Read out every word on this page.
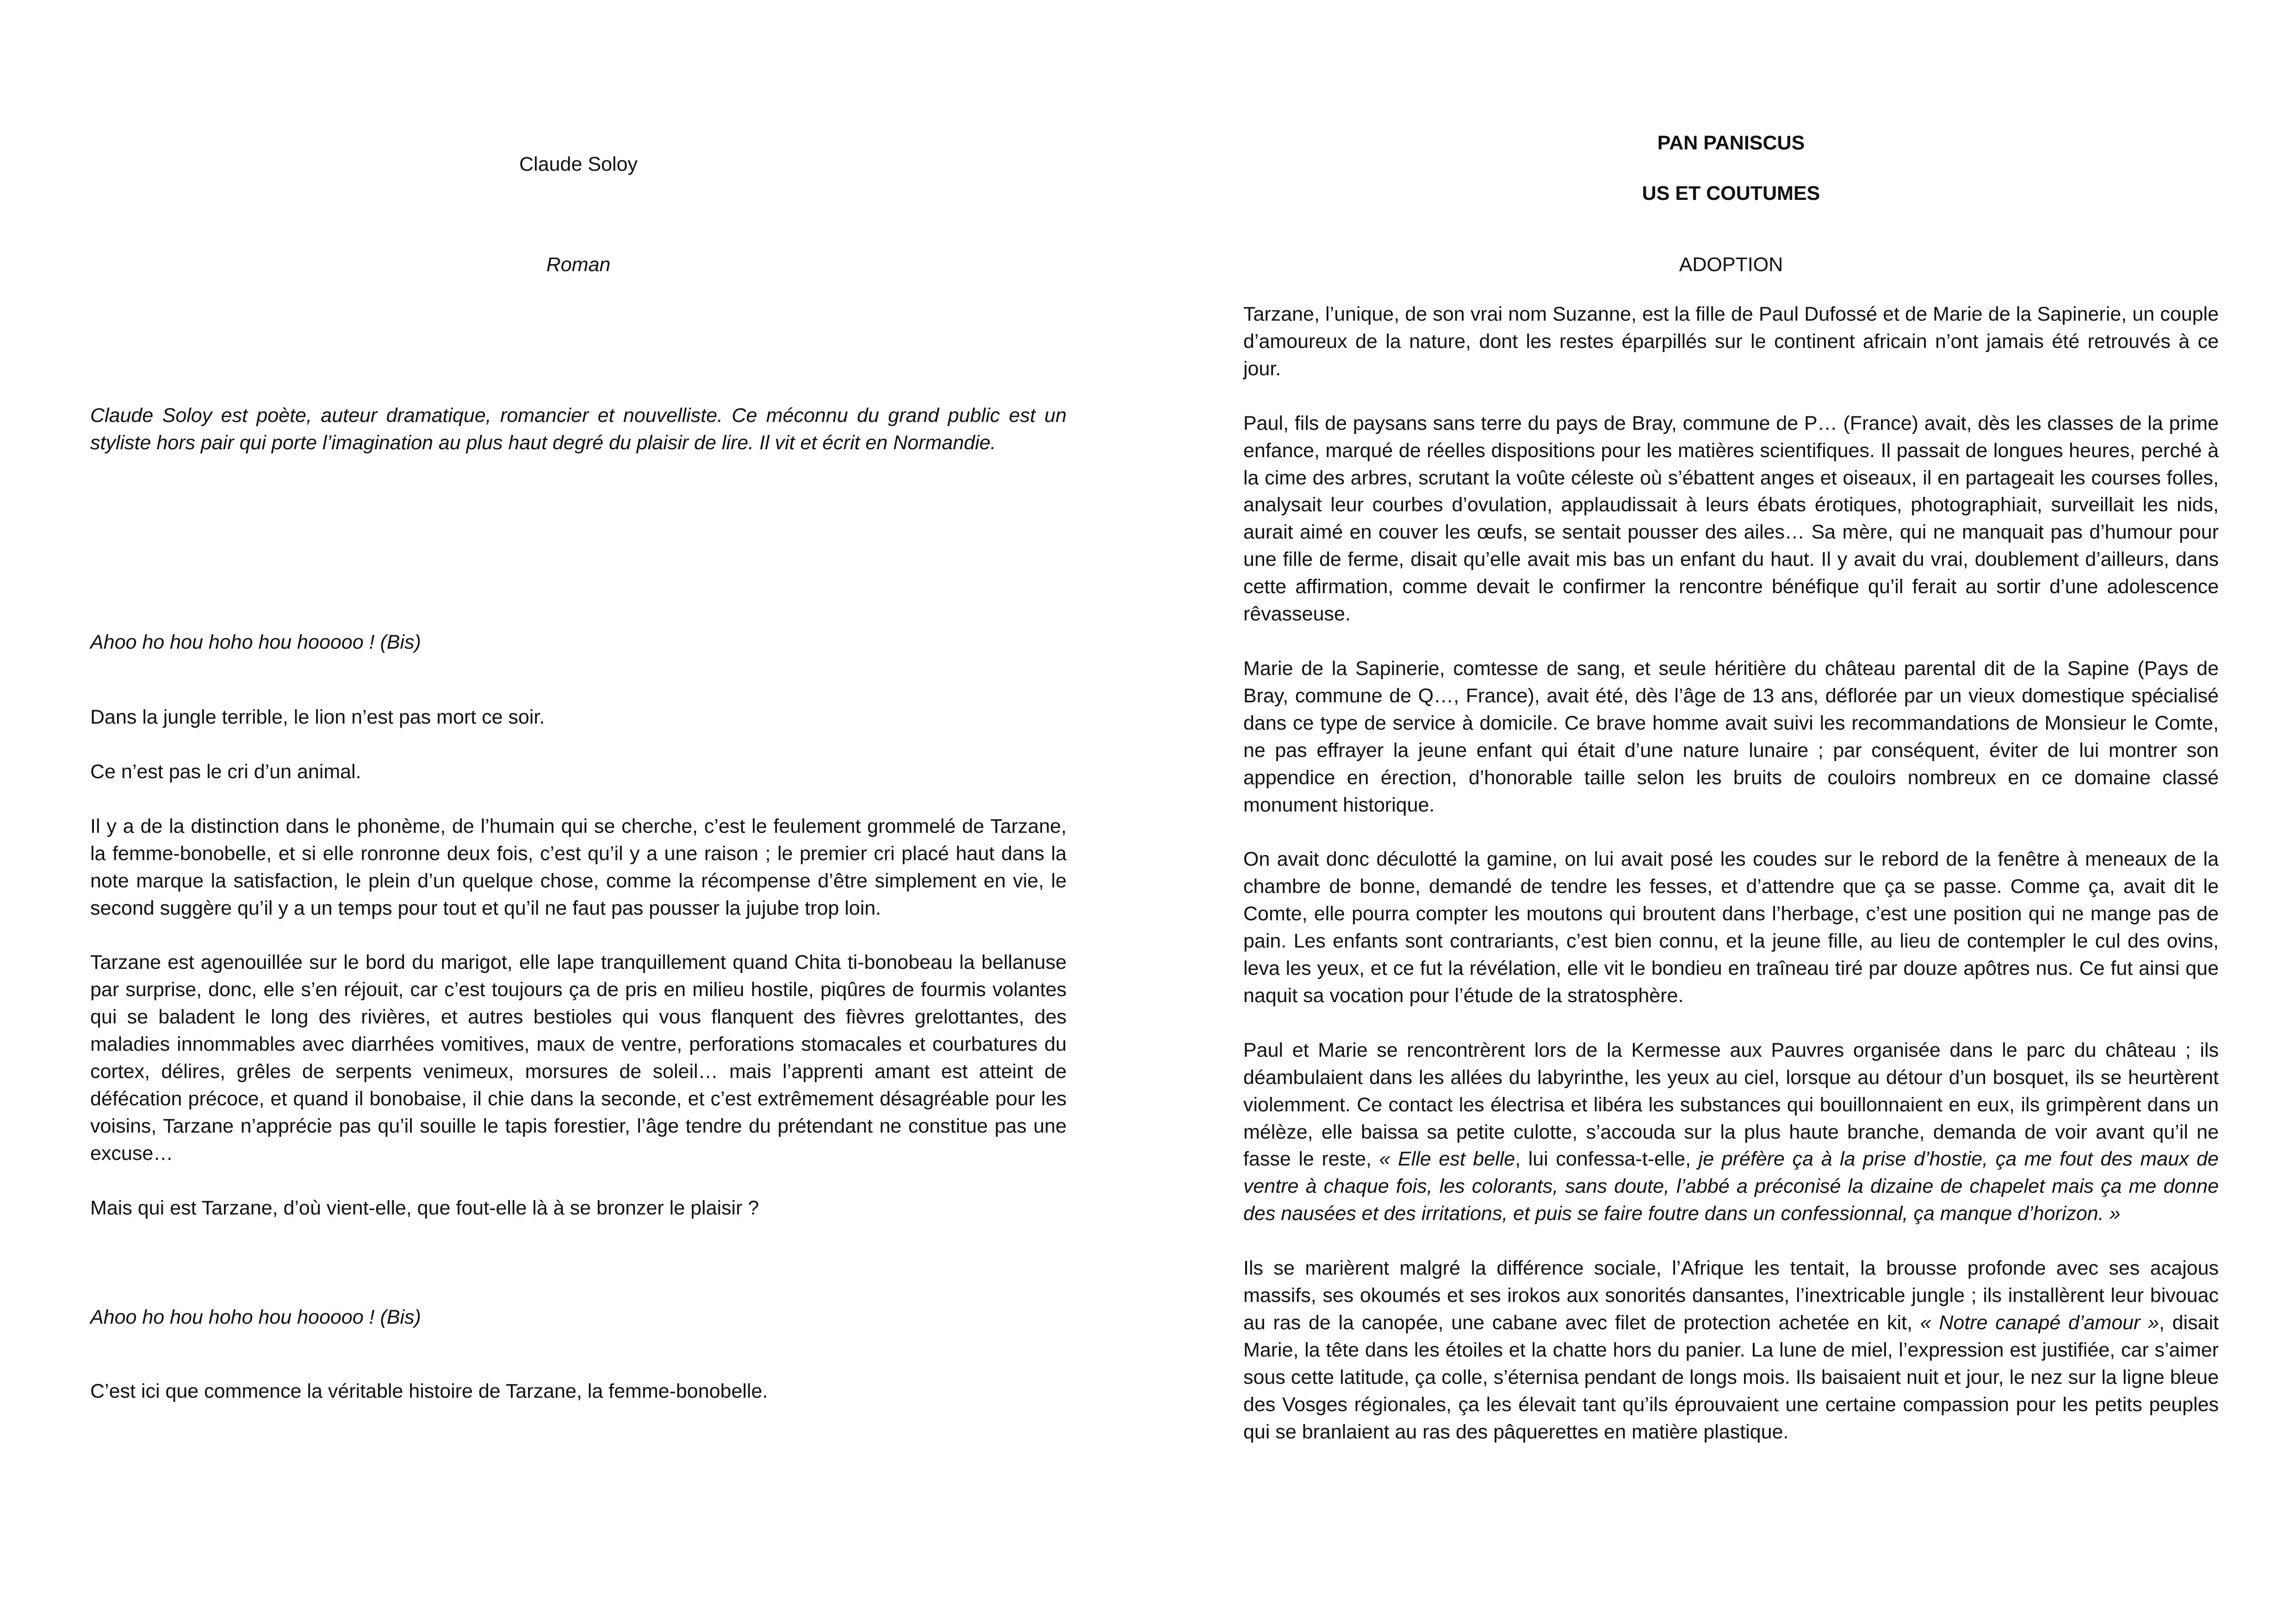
Claude Soloy

Roman

Claude Soloy est poète, auteur dramatique, romancier et nouvelliste. Ce méconnu du grand public est un styliste hors pair qui porte l’imagination au plus haut degré du plaisir de lire. Il vit et écrit en Normandie.

Ahoo ho hou hoho hou hooooo ! (Bis)

Dans la jungle terrible, le lion n’est pas mort ce soir.

Ce n’est pas le cri d’un animal.

Il y a de la distinction dans le phonème, de l’humain qui se cherche, c’est le feulement grommelé de Tarzane, la femme-bonobelle, et si elle ronronne deux fois, c’est qu’il y a une raison ; le premier cri placé haut dans la note marque la satisfaction, le plein d’un quelque chose, comme la récompense d’être simplement en vie, le second suggère qu’il y a un temps pour tout et qu’il ne faut pas pousser la jujube trop loin.

Tarzane est agenouillée sur le bord du marigot, elle lape tranquillement quand Chita ti-bonobeau la bellanuse par surprise, donc, elle s’en réjouit, car c’est toujours ça de pris en milieu hostile, piqûres de fourmis volantes qui se baladent le long des rivières, et autres bestioles qui vous flanquent des fièvres grelottantes, des maladies innommables avec diarrhées vomitives, maux de ventre, perforations stomacales et courbatures du cortex, délires, grêles de serpents venimeux, morsures de soleil… mais l’apprenti amant est atteint de défécation précoce, et quand il bonobaise, il chie dans la seconde, et c’est extrêmement désagréable pour les voisins, Tarzane n’apprécie pas qu’il souille le tapis forestier, l’âge tendre du prétendant ne constitue pas une excuse…

Mais qui est Tarzane, d’où vient-elle, que fout-elle là à se bronzer le plaisir ?

Ahoo ho hou hoho hou hooooo ! (Bis)

C’est ici que commence la véritable histoire de Tarzane, la femme-bonobelle.

PAN PANISCUS

US ET COUTUMES

ADOPTION

Tarzane, l’unique, de son vrai nom Suzanne, est la fille de Paul Dufossé et de Marie de la Sapinerie, un couple d’amoureux de la nature, dont les restes éparpillés sur le continent africain n’ont jamais été retrouvés à ce jour.

Paul, fils de paysans sans terre du pays de Bray, commune de P… (France) avait, dès les classes de la prime enfance, marqué de réelles dispositions pour les matières scientifiques. Il passait de longues heures, perché à la cime des arbres, scrutant la voûte céleste où s’ébattent anges et oiseaux, il en partageait les courses folles, analysait leur courbes d’ovulation, applaudissait à leurs ébats érotiques, photographiait, surveillait les nids, aurait aimé en couver les œufs, se sentait pousser des ailes… Sa mère, qui ne manquait pas d’humour pour une fille de ferme, disait qu’elle avait mis bas un enfant du haut. Il y avait du vrai, doublement d’ailleurs, dans cette affirmation, comme devait le confirmer la rencontre bénéfique qu’il ferait au sortir d’une adolescence rêvasseuse.

Marie de la Sapinerie, comtesse de sang, et seule héritière du château parental dit de la Sapine (Pays de Bray, commune de Q…, France), avait été, dès l’âge de 13 ans, déflorée par un vieux domestique spécialisé dans ce type de service à domicile. Ce brave homme avait suivi les recommandations de Monsieur le Comte, ne pas effrayer la jeune enfant qui était d’une nature lunaire ; par conséquent, éviter de lui montrer son appendice en érection, d’honorable taille selon les bruits de couloirs nombreux en ce domaine classé monument historique.

On avait donc déculotté la gamine, on lui avait posé les coudes sur le rebord de la fenêtre à meneaux de la chambre de bonne, demandé de tendre les fesses, et d’attendre que ça se passe. Comme ça, avait dit le Comte, elle pourra compter les moutons qui broutent dans l’herbage, c’est une position qui ne mange pas de pain. Les enfants sont contrariants, c’est bien connu, et la jeune fille, au lieu de contempler le cul des ovins, leva les yeux, et ce fut la révélation, elle vit le bondieu en traîneau tiré par douze apôtres nus. Ce fut ainsi que naquit sa vocation pour l’étude de la stratosphère.

Paul et Marie se rencontrèrent lors de la Kermesse aux Pauvres organisée dans le parc du château ; ils déambulaient dans les allées du labyrinthe, les yeux au ciel, lorsque au détour d’un bosquet, ils se heurtèrent violemment. Ce contact les électrisa et libéra les substances qui bouillonnaient en eux, ils grimpèrent dans un mélèze, elle baissa sa petite culotte, s’accouda sur la plus haute branche, demanda de voir avant qu’il ne fasse le reste, « Elle est belle, lui confessa-t-elle, je préfère ça à la prise d’hostie, ça me fout des maux de ventre à chaque fois, les colorants, sans doute, l’abbé a préconisé la dizaine de chapelet mais ça me donne des nausées et des irritations, et puis se faire foutre dans un confessionnal, ça manque d’horizon. »

Ils se marièrent malgré la différence sociale, l’Afrique les tentait, la brousse profonde avec ses acajous massifs, ses okoumés et ses irokos aux sonorités dansantes, l’inextricable jungle ; ils installèrent leur bivouac au ras de la canopée, une cabane avec filet de protection achetée en kit, « Notre canapé d’amour », disait Marie, la tête dans les étoiles et la chatte hors du panier. La lune de miel, l’expression est justifiée, car s’aimer sous cette latitude, ça colle, s’éternisa pendant de longs mois. Ils baisaient nuit et jour, le nez sur la ligne bleue des Vosges régionales, ça les élevait tant qu’ils éprouvaient une certaine compassion pour les petits peuples qui se branlaient au ras des pâquerettes en matière plastique.
